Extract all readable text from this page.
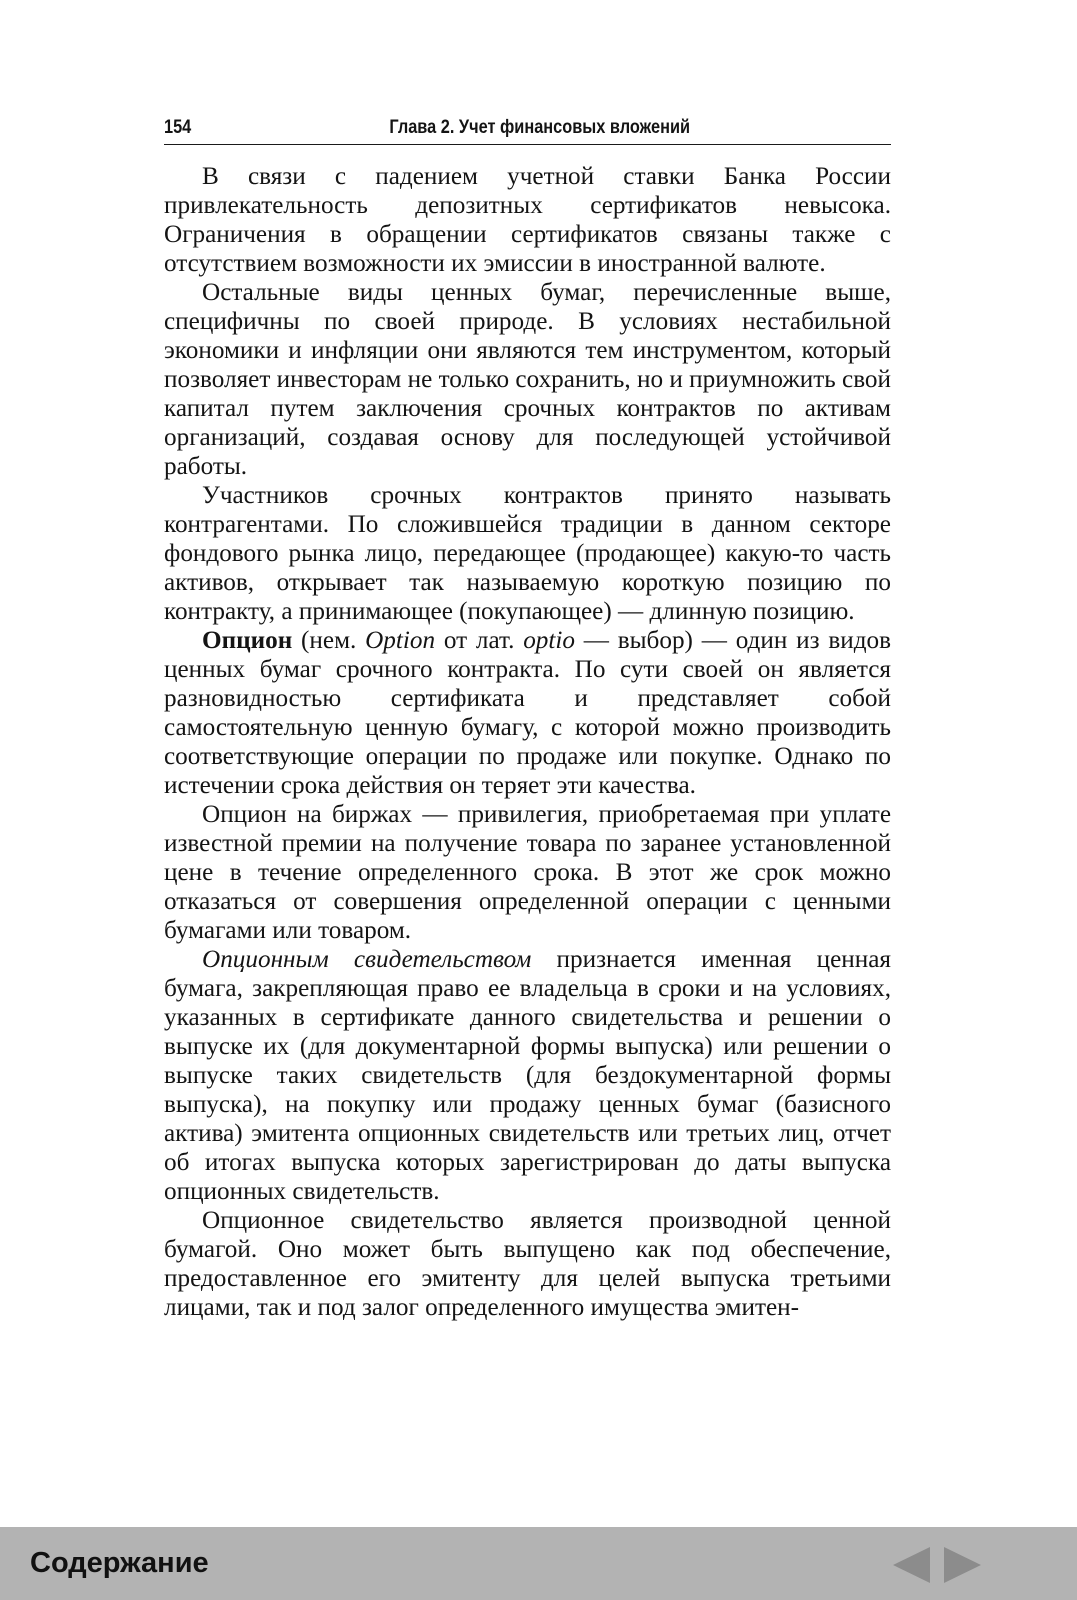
154	Глава 2. Учет финансовых вложений

В связи с падением учетной ставки Банка России привлекательность депозитных сертификатов невысока. Ограничения в обращении сертификатов связаны также с отсутствием возможности их эмиссии в иностранной валюте.

Остальные виды ценных бумаг, перечисленные выше, специфичны по своей природе. В условиях нестабильной экономики и инфляции они являются тем инструментом, который позволяет инвесторам не только сохранить, но и приумножить свой капитал путем заключения срочных контрактов по активам организаций, создавая основу для последующей устойчивой работы.

Участников срочных контрактов принято называть контрагентами. По сложившейся традиции в данном секторе фондового рынка лицо, передающее (продающее) какую-то часть активов, открывает так называемую короткую позицию по контракту, а принимающее (покупающее) — длинную позицию.

Опцион (нем. Option от лат. optio — выбор) — один из видов ценных бумаг срочного контракта. По сути своей он является разновидностью сертификата и представляет собой самостоятельную ценную бумагу, с которой можно производить соответствующие операции по продаже или покупке. Однако по истечении срока действия он теряет эти качества.

Опцион на биржах — привилегия, приобретаемая при уплате известной премии на получение товара по заранее установленной цене в течение определенного срока. В этот же срок можно отказаться от совершения определенной операции с ценными бумагами или товаром.

Опционным свидетельством признается именная ценная бумага, закрепляющая право ее владельца в сроки и на условиях, указанных в сертификате данного свидетельства и решении о выпуске их (для документарной формы выпуска) или решении о выпуске таких свидетельств (для бездокументарной формы выпуска), на покупку или продажу ценных бумаг (базисного актива) эмитента опционных свидетельств или третьих лиц, отчет об итогах выпуска которых зарегистрирован до даты выпуска опционных свидетельств.

Опционное свидетельство является производной ценной бумагой. Оно может быть выпущено как под обеспечение, предоставленное его эмитенту для целей выпуска третьими лицами, так и под залог определенного имущества эмитен-

Содержание
